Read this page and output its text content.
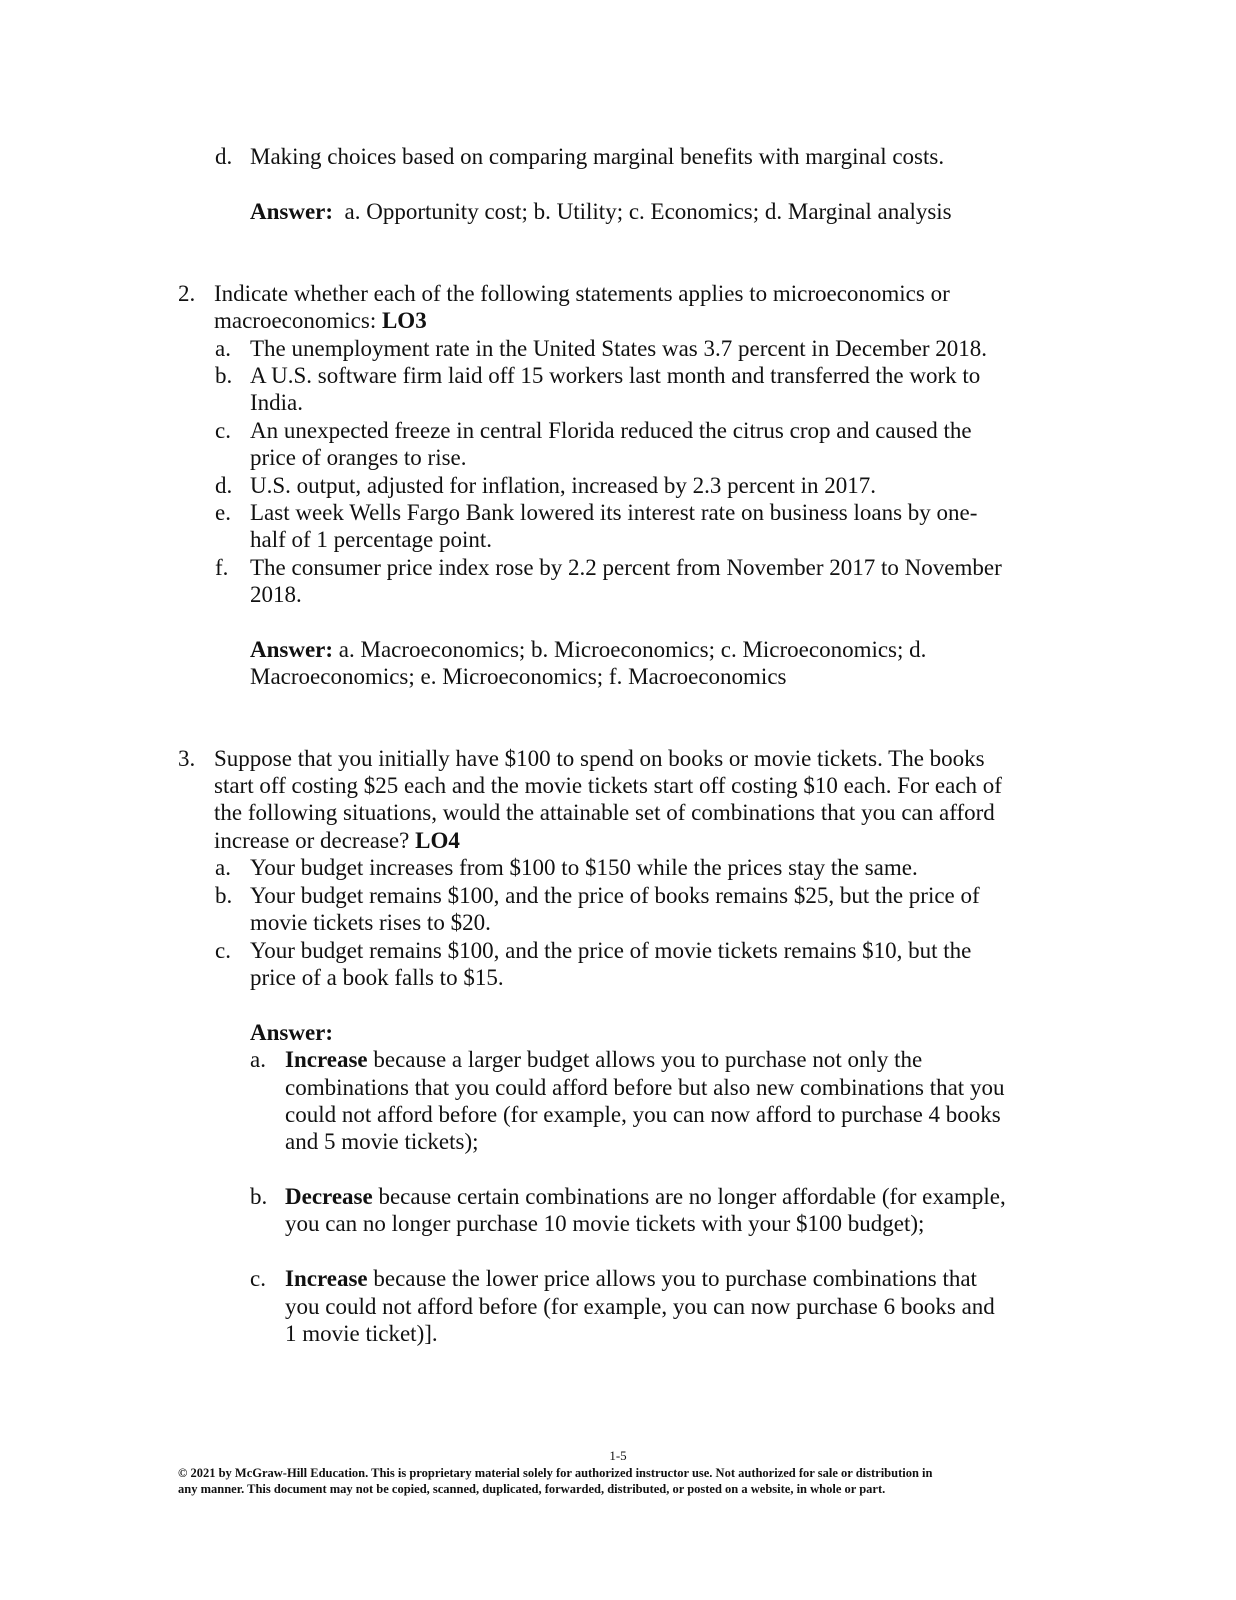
d. Making choices based on comparing marginal benefits with marginal costs.
Answer: a. Opportunity cost; b. Utility; c. Economics; d. Marginal analysis
2. Indicate whether each of the following statements applies to microeconomics or
macroeconomics: LO3
a. The unemployment rate in the United States was 3.7 percent in December 2018.
b. A U.S. software firm laid off 15 workers last month and transferred the work to
India.
c. An unexpected freeze in central Florida reduced the citrus crop and caused the
price of oranges to rise.
d. U.S. output, adjusted for inflation, increased by 2.3 percent in 2017.
e. Last week Wells Fargo Bank lowered its interest rate on business loans by one-
half of 1 percentage point.
f. The consumer price index rose by 2.2 percent from November 2017 to November
2018.
Answer: a. Macroeconomics; b. Microeconomics; c. Microeconomics; d.
Macroeconomics; e. Microeconomics; f. Macroeconomics
3. Suppose that you initially have $100 to spend on books or movie tickets. The books
start off costing $25 each and the movie tickets start off costing $10 each. For each of
the following situations, would the attainable set of combinations that you can afford
increase or decrease? LO4
a. Your budget increases from $100 to $150 while the prices stay the same.
b. Your budget remains $100, and the price of books remains $25, but the price of
movie tickets rises to $20.
c. Your budget remains $100, and the price of movie tickets remains $10, but the
price of a book falls to $15.
Answer:
a. Increase because a larger budget allows you to purchase not only the
combinations that you could afford before but also new combinations that you
could not afford before (for example, you can now afford to purchase 4 books
and 5 movie tickets);
b. Decrease because certain combinations are no longer affordable (for example,
you can no longer purchase 10 movie tickets with your $100 budget);
c. Increase because the lower price allows you to purchase combinations that
you could not afford before (for example, you can now purchase 6 books and
1 movie ticket)].
1-5
© 2021 by McGraw-Hill Education. This is proprietary material solely for authorized instructor use. Not authorized for sale or distribution in
any manner. This document may not be copied, scanned, duplicated, forwarded, distributed, or posted on a website, in whole or part.
